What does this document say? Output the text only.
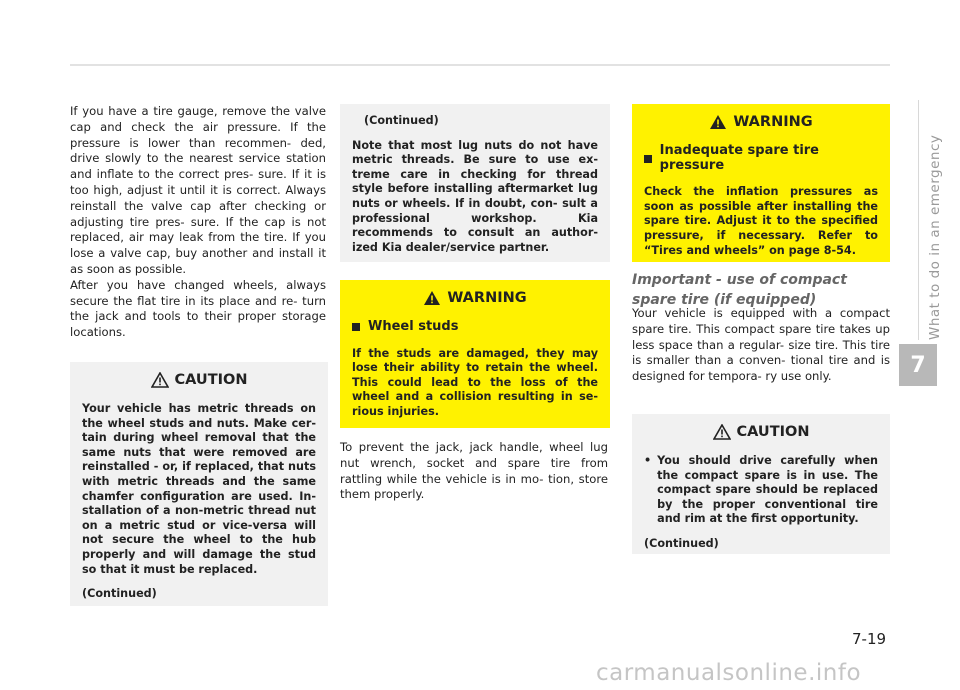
If you have a tire gauge, remove the valve cap and check the air pressure. If the pressure is lower than recommen- ded, drive slowly to the nearest service station and inflate to the correct pres- sure. If it is too high, adjust it until it is correct. Always reinstall the valve cap after checking or adjusting tire pres- sure. If the cap is not replaced, air may leak from the tire. If you lose a valve cap, buy another and install it as soon as possible.

After you have changed wheels, always secure the flat tire in its place and re- turn the jack and tools to their proper storage locations.

CAUTION

Your vehicle has metric threads on the wheel studs and nuts. Make cer- tain during wheel removal that the same nuts that were removed are reinstalled - or, if replaced, that nuts with metric threads and the same chamfer configuration are used. In- stallation of a non-metric thread nut on a metric stud or vice-versa will not secure the wheel to the hub properly and will damage the stud so that it must be replaced.

(Continued)

(Continued)

Note that most lug nuts do not have metric threads. Be sure to use ex- treme care in checking for thread style before installing aftermarket lug nuts or wheels. If in doubt, con- sult a professional workshop. Kia recommends to consult an author- ized Kia dealer/service partner.

WARNING
Wheel studs

If the studs are damaged, they may lose their ability to retain the wheel. This could lead to the loss of the wheel and a collision resulting in se- rious injuries.

To prevent the jack, jack handle, wheel lug nut wrench, socket and spare tire from rattling while the vehicle is in mo- tion, store them properly.

WARNING
Inadequate spare tire pressure

Check the inflation pressures as soon as possible after installing the spare tire. Adjust it to the specified pressure, if necessary. Refer to “Tires and wheels” on page 8-54.

Important - use of compact spare tire (if equipped)

Your vehicle is equipped with a compact spare tire. This compact spare tire takes up less space than a regular- size tire. This tire is smaller than a conven- tional tire and is designed for tempora- ry use only.

CAUTION
• You should drive carefully when the compact spare is in use. The compact spare should be replaced by the proper conventional tire and rim at the first opportunity.

(Continued)

What to do in an emergency
7
7-19
carmanualsonline.info
